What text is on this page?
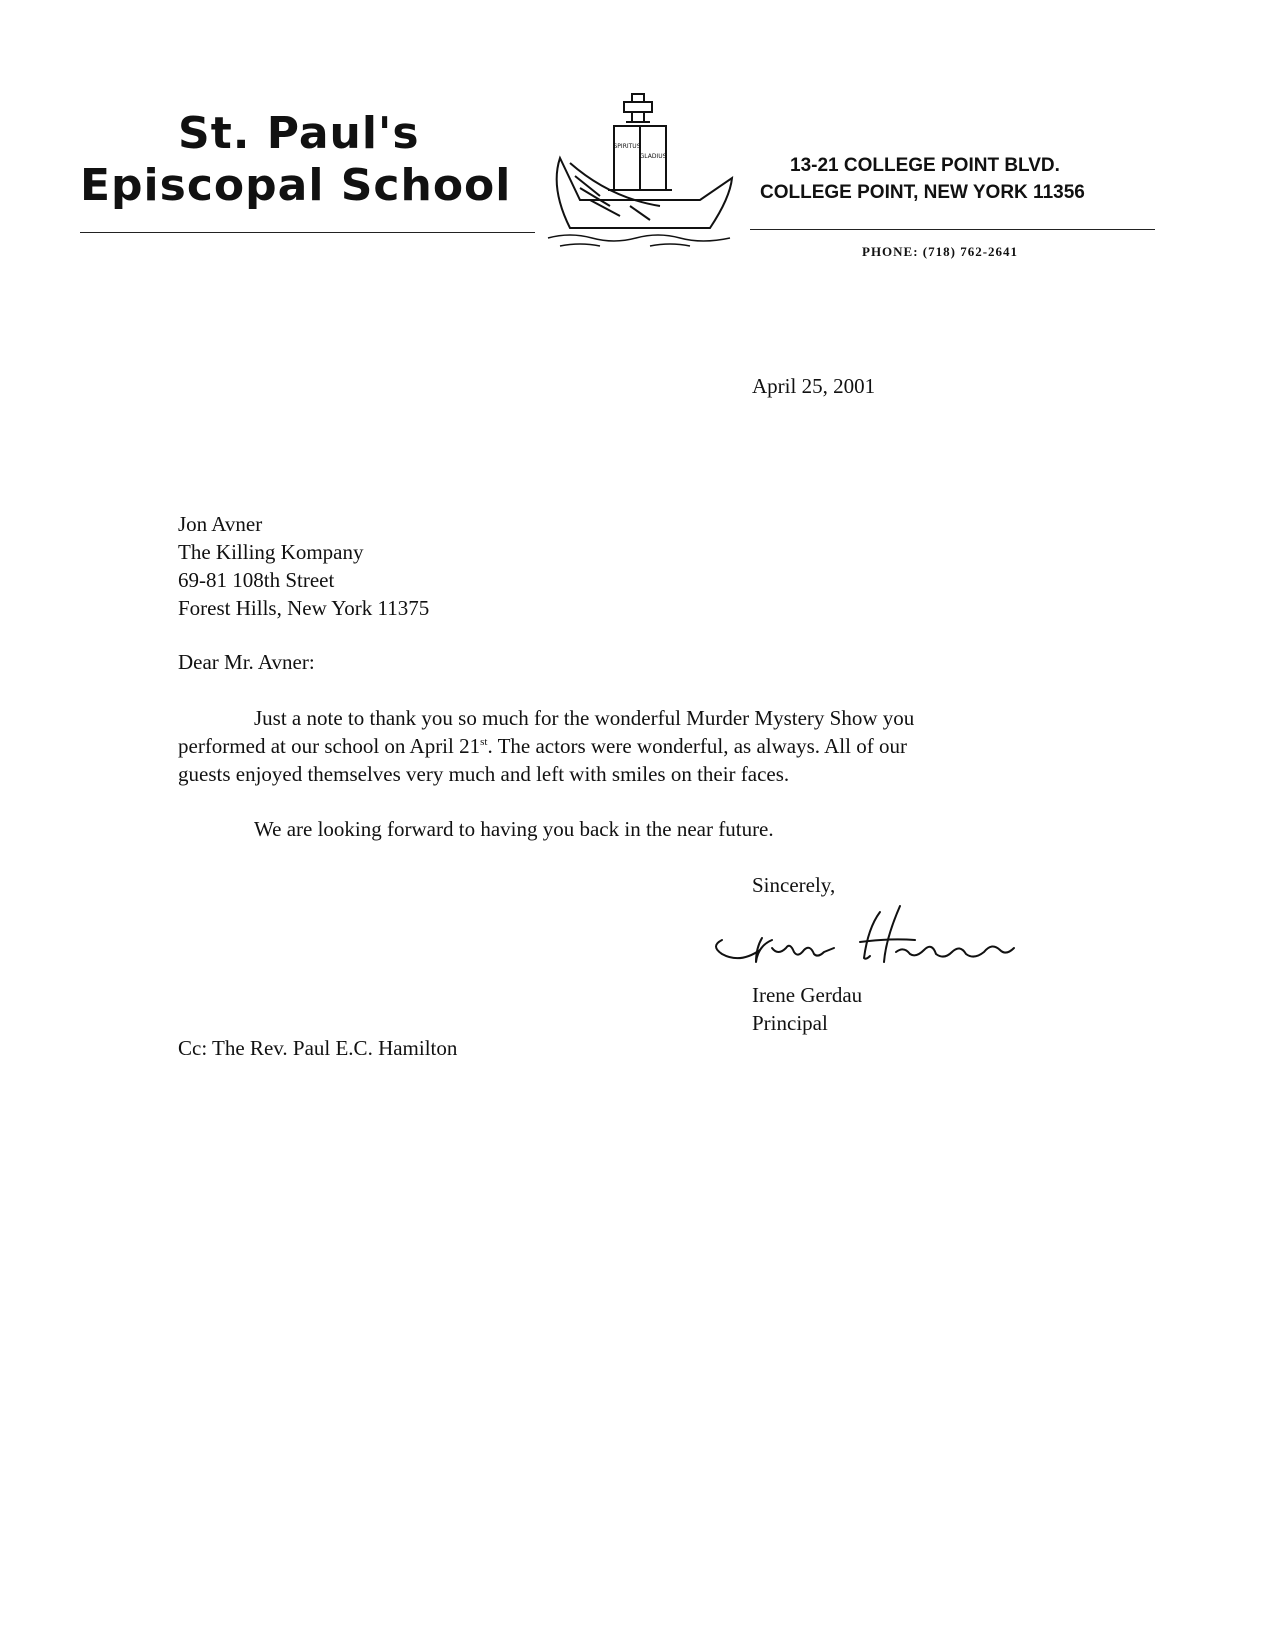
St. Paul's
Episcopal School
SPIRITUS
GLADIUS	13-21 COLLEGE POINT BLVD.
COLLEGE POINT, NEW YORK 11356
PHONE: (718) 762-2641
April 25, 2001
Jon Avner
The Killing Kompany
69-81 108th Street
Forest Hills, New York 11375
Dear Mr. Avner:
Just a note to thank you so much for the wonderful Murder Mystery Show you
performed at our school on April 21st. The actors were wonderful, as always. All of our
guests enjoyed themselves very much and left with smiles on their faces.
We are looking forward to having you back in the near future.
Sincerely,
Irene Gerdau
Principal
Cc: The Rev. Paul E.C. Hamilton
